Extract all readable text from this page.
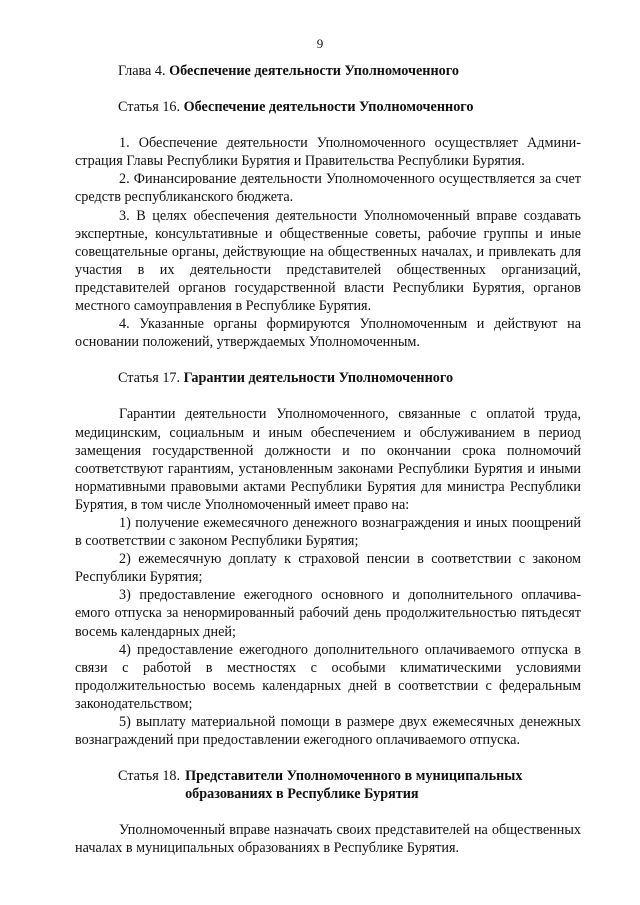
9

Глава 4. Обеспечение деятельности Уполномоченного

Статья 16. Обеспечение деятельности Уполномоченного

1. Обеспечение деятельности Уполномоченного осуществляет Администрация Главы Республики Бурятия и Правительства Республики Бурятия.

2. Финансирование деятельности Уполномоченного осуществляется за счет средств республиканского бюджета.

3. В целях обеспечения деятельности Уполномоченный вправе создавать экспертные, консультативные и общественные советы, рабочие группы и иные совещательные органы, действующие на общественных началах, и привлекать для участия в их деятельности представителей общественных организаций, представителей органов государственной власти Республики Бурятия, органов местного самоуправления в Республике Бурятия.

4. Указанные органы формируются Уполномоченным и действуют на основании положений, утверждаемых Уполномоченным.

Статья 17. Гарантии деятельности Уполномоченного

Гарантии деятельности Уполномоченного, связанные с оплатой труда, медицинским, социальным и иным обеспечением и обслуживанием в период замещения государственной должности и по окончании срока полномочий соответствуют гарантиям, установленным законами Республики Бурятия и иными нормативными правовыми актами Республики Бурятия для министра Республики Бурятия, в том числе Уполномоченный имеет право на:

1) получение ежемесячного денежного вознаграждения и иных поощрений в соответствии с законом Республики Бурятия;

2) ежемесячную доплату к страховой пенсии в соответствии с законом Республики Бурятия;

3) предоставление ежегодного основного и дополнительного оплачиваемого отпуска за ненормированный рабочий день продолжительностью пятьдесят восемь календарных дней;

4) предоставление ежегодного дополнительного оплачиваемого отпуска в связи с работой в местностях с особыми климатическими условиями продолжительностью восемь календарных дней в соответствии с федеральным законодательством;

5) выплату материальной помощи в размере двух ежемесячных денежных вознаграждений при предоставлении ежегодного оплачиваемого отпуска.

Статья 18. Представители Уполномоченного в муниципальных образованиях в Республике Бурятия

Уполномоченный вправе назначать своих представителей на общественных началах в муниципальных образованиях в Республике Бурятия.
